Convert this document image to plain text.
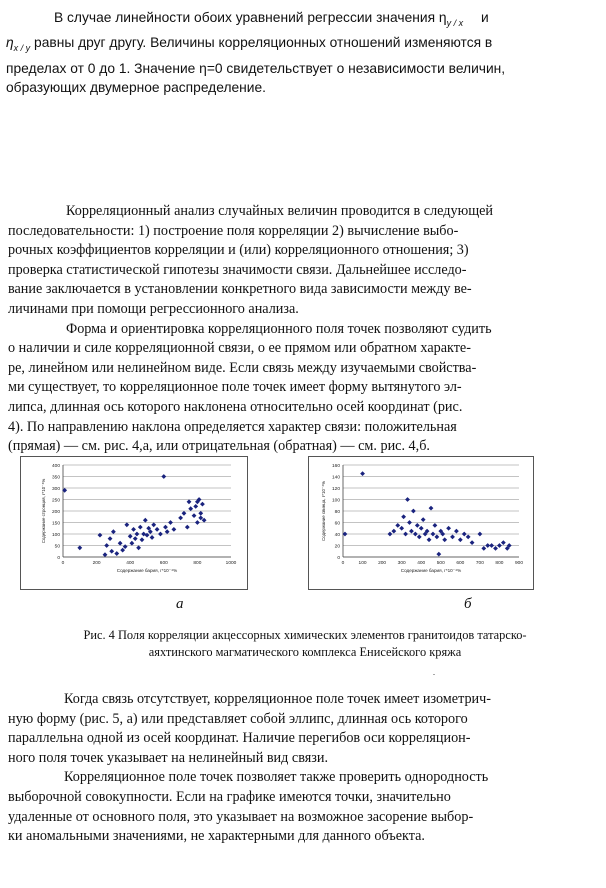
В случае линейности обоих уравнений регрессии значения $\eta_{y / x}$ и
$\eta_{x / y}$ равны друг другу. Величины корреляционных отношений изменяются в
пределах от 0 до 1. Значение η=0 свидетельствует о независимости величин,
образующих двумерное распределение.
Корреляционный анализ случайных величин проводится в следующей
последовательности: 1) построение поля корреляции 2) вычисление выбо-
рочных коэффициентов корреляции и (или) корреляционного отношения; 3)
проверка статистической гипотезы значимости связи. Дальнейшее исследо-
вание заключается в установлении конкретного вида зависимости между ве-
личинами при помощи регрессионного анализа.
Форма и ориентировка корреляционного поля точек позволяют судить
о наличии и силе корреляционной связи, о ее прямом или обратном характе-
ре, линейном или нелинейном виде. Если связь между изучаемыми свойства-
ми существует, то корреляционное поле точек имеет форму вытянутого эл-
липса, длинная ось которого наклонена относительно осей координат (рис.
4). По направлению наклона определяется характер связи: положительная
(прямая) — см. рис. 4,а, или отрицательная (обратная) — см. рис. 4,б.
0
50
100
150
200
250
300
350
400
0	200	400	600	800	1000
Содержание бария, г*10⁻⁴%
Содержание стронция, г*10⁻⁴%
0
20
40
60
80
100
120
140
160
0	100 200 300 400 500 600 700 800 900
Содержание бария, г*10⁻⁴%
Содержание свинца, г*10⁻⁴%
а	б
Рис. 4 Поля корреляции акцессорных химических элементов гранитоидов татарско-
аяхтинского магматического комплекса Енисейского кряжа
.
Когда связь отсутствует, корреляционное поле точек имеет изометрич-
ную форму (рис. 5, а) или представляет собой эллипс, длинная ось которого
параллельна одной из осей координат. Наличие перегибов оси корреляцион-
ного поля точек указывает на нелинейный вид связи.
Корреляционное поле точек позволяет также проверить однородность
выборочной совокупности. Если на графике имеются точки, значительно
удаленные от основного поля, это указывает на возможное засорение выбор-
ки аномальными значениями, не характерными для данного объекта.
